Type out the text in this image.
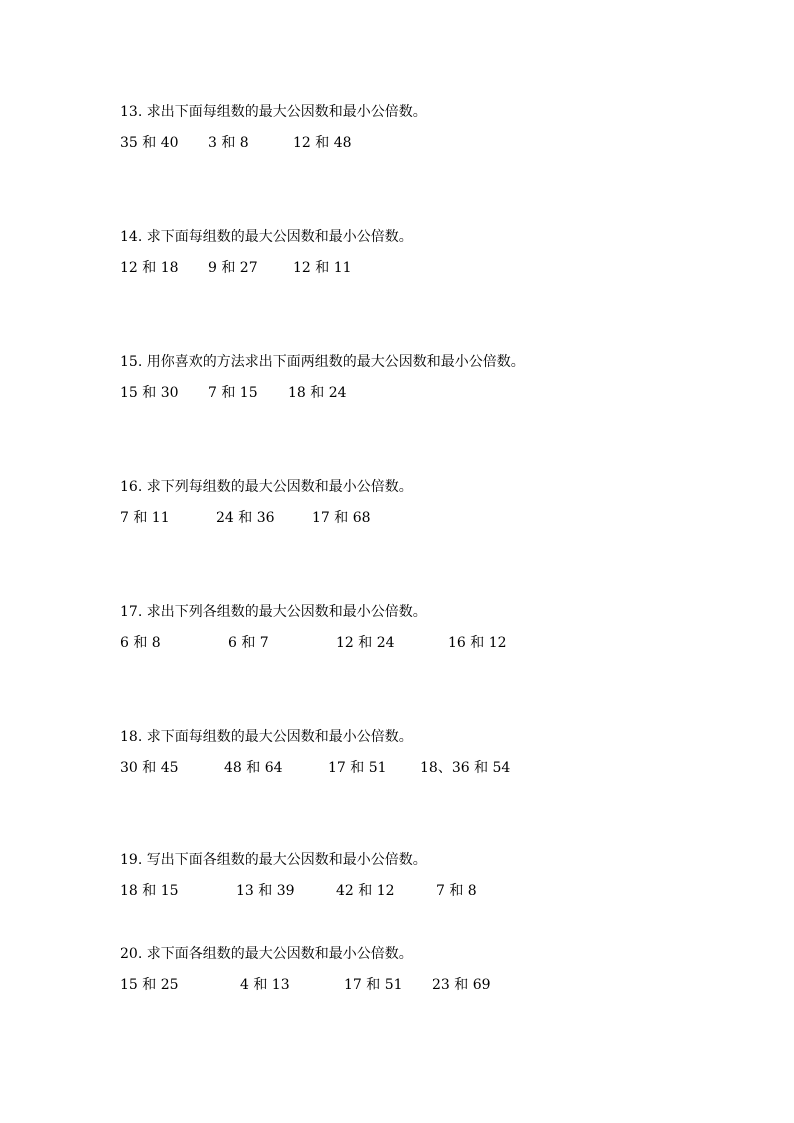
13. 求出下面每组数的最大公因数和最小公倍数。
35 和 40 3 和 8	12 和 48
14. 求下面每组数的最大公因数和最小公倍数。
12 和 18 9 和 27	12 和 11
15. 用你喜欢的方法求出下面两组数的最大公因数和最小公倍数。
15 和 30 7 和 15 18 和 24
16. 求下列每组数的最大公因数和最小公倍数。
7 和 11	24 和 36	17 和 68
17. 求出下列各组数的最大公因数和最小公倍数。
6 和 8	6 和 7	12 和 24	16 和 12
18. 求下面每组数的最大公因数和最小公倍数。
30 和 45	48 和 64	17 和 51 18、36 和 54
19. 写出下面各组数的最大公因数和最小公倍数。
18 和 15	13 和 39	42 和 12	7 和 8
20. 求下面各组数的最大公因数和最小公倍数。
15 和 25	4 和 13	17 和 51 23 和 69
